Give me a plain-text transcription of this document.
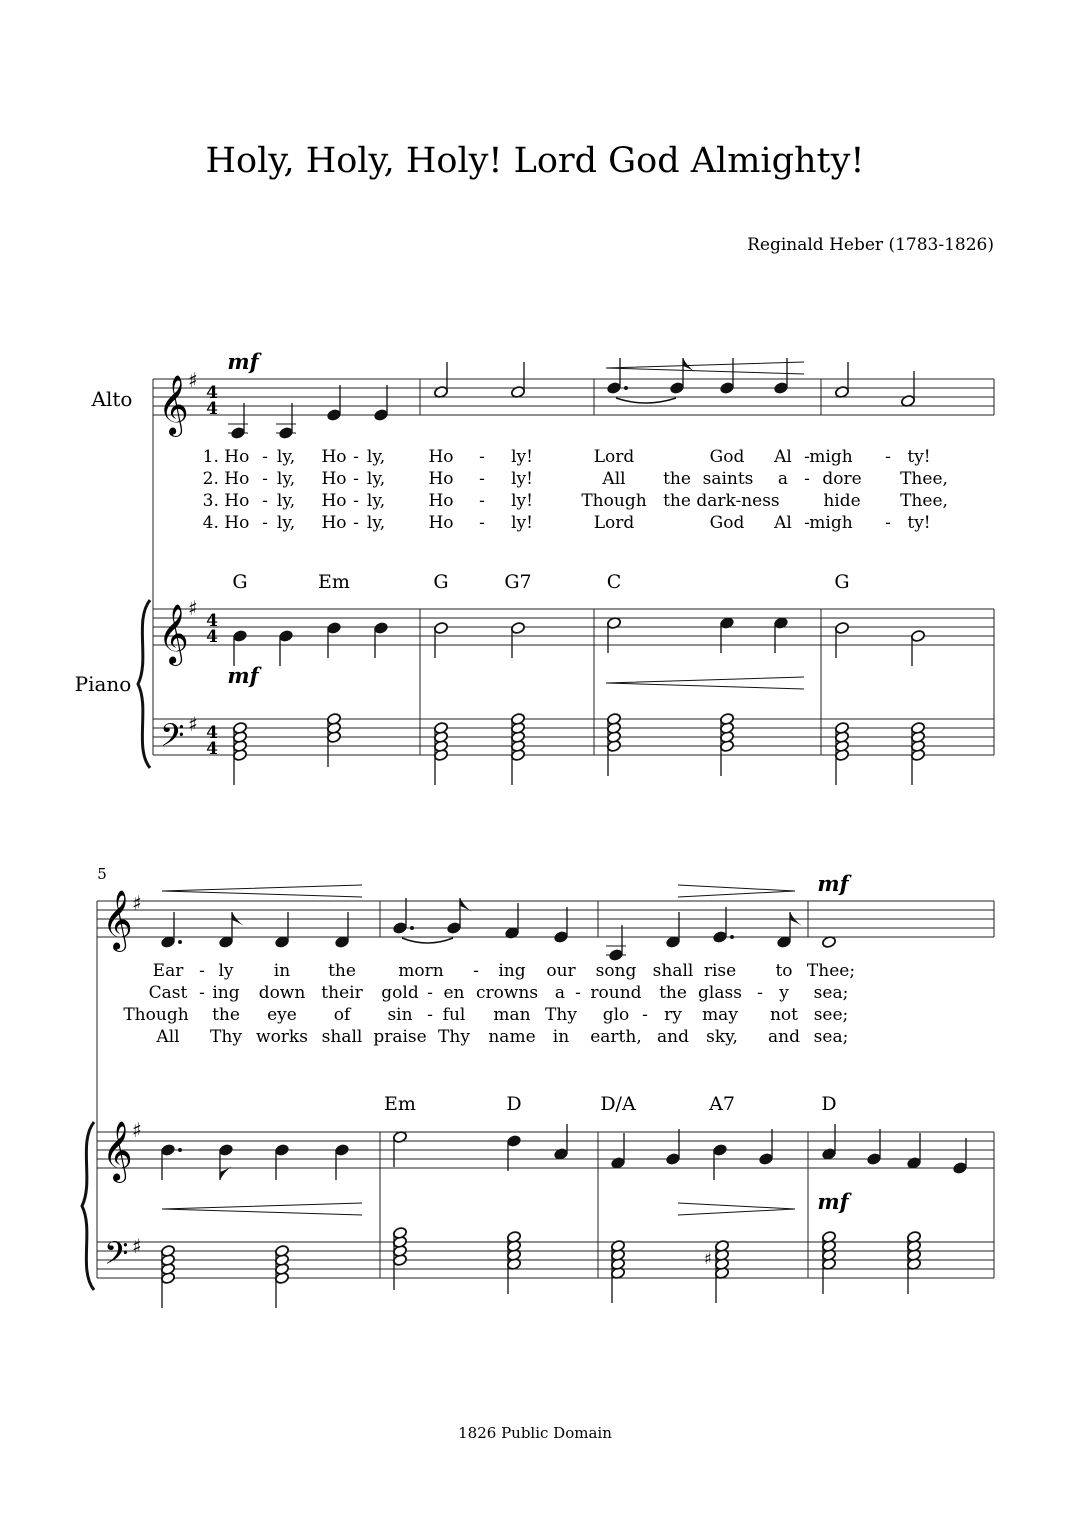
Holy, Holy, Holy! Lord God Almighty!
Reginald Heber (1783-1826)
Alto
Piano
𝄞
𝄞
𝄢
𝄞
𝄞
𝄢
♯
♯
♯
♯
♯
♯
4
4
4
4
4
4
5
mf
mf
mf
mf
G	Em	G	G7	C	G
Em	D	D/A	A7	D
♯
1. Ho - ly, Ho - ly,	Ho - ly!	Lord	God Al - migh - ty!
2. Ho - ly, Ho - ly,	Ho - ly!	All the saints a - dore Thee,
3. Ho - ly, Ho - ly,	Ho - ly!	Though the dark-ness	hide Thee,
4. Ho - ly, Ho - ly,	Ho - ly!	Lord	God Al - migh - ty!
Ear - ly in the morn - ing our song shall rise to Thee;
Cast - ing down their gold - en crowns a - round the glass - y sea;
Though the eye of sin - ful man Thy glo - ry may not see;
All Thy works shall praise Thy name in earth, and sky, and sea;
1826 Public Domain
